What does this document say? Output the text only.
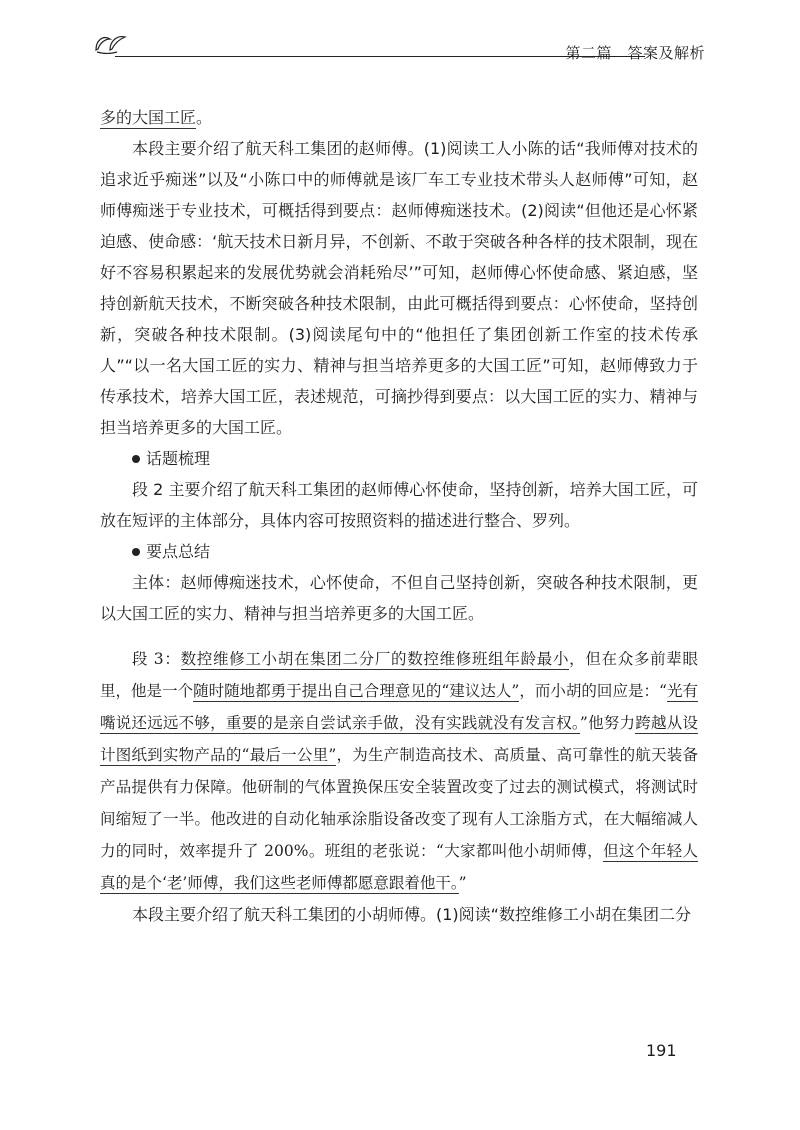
第二篇　答案及解析

多的大国工匠。

本段主要介绍了航天科工集团的赵师傅。(1)阅读工人小陈的话“我师傅对技术的追求近乎痴迷”以及“小陈口中的师傅就是该厂车工专业技术带头人赵师傅”可知，赵师傅痴迷于专业技术，可概括得到要点：赵师傅痴迷技术。(2)阅读“但他还是心怀紧迫感、使命感：‘航天技术日新月异，不创新、不敢于突破各种各样的技术限制，现在好不容易积累起来的发展优势就会消耗殆尽’”可知，赵师傅心怀使命感、紧迫感，坚持创新航天技术，不断突破各种技术限制，由此可概括得到要点：心怀使命，坚持创新，突破各种技术限制。(3)阅读尾句中的“他担任了集团创新工作室的技术传承人”“以一名大国工匠的实力、精神与担当培养更多的大国工匠”可知，赵师傅致力于传承技术，培养大国工匠，表述规范，可摘抄得到要点：以大国工匠的实力、精神与担当培养更多的大国工匠。

话题梳理

段 2 主要介绍了航天科工集团的赵师傅心怀使命，坚持创新，培养大国工匠，可放在短评的主体部分，具体内容可按照资料的描述进行整合、罗列。

要点总结

主体：赵师傅痴迷技术，心怀使命，不但自己坚持创新，突破各种技术限制，更以大国工匠的实力、精神与担当培养更多的大国工匠。

段 3：数控维修工小胡在集团二分厂的数控维修班组年龄最小，但在众多前辈眼里，他是一个随时随地都勇于提出自己合理意见的“建议达人”，而小胡的回应是：“光有嘴说还远远不够，重要的是亲自尝试亲手做，没有实践就没有发言权。”他努力跨越从设计图纸到实物产品的“最后一公里”，为生产制造高技术、高质量、高可靠性的航天装备产品提供有力保障。他研制的气体置换保压安全装置改变了过去的测试模式，将测试时间缩短了一半。他改进的自动化轴承涂脂设备改变了现有人工涂脂方式，在大幅缩减人力的同时，效率提升了 200%。班组的老张说：“大家都叫他小胡师傅，但这个年轻人真的是个‘老’师傅，我们这些老师傅都愿意跟着他干。”

本段主要介绍了航天科工集团的小胡师傅。(1)阅读“数控维修工小胡在集团二分

191
